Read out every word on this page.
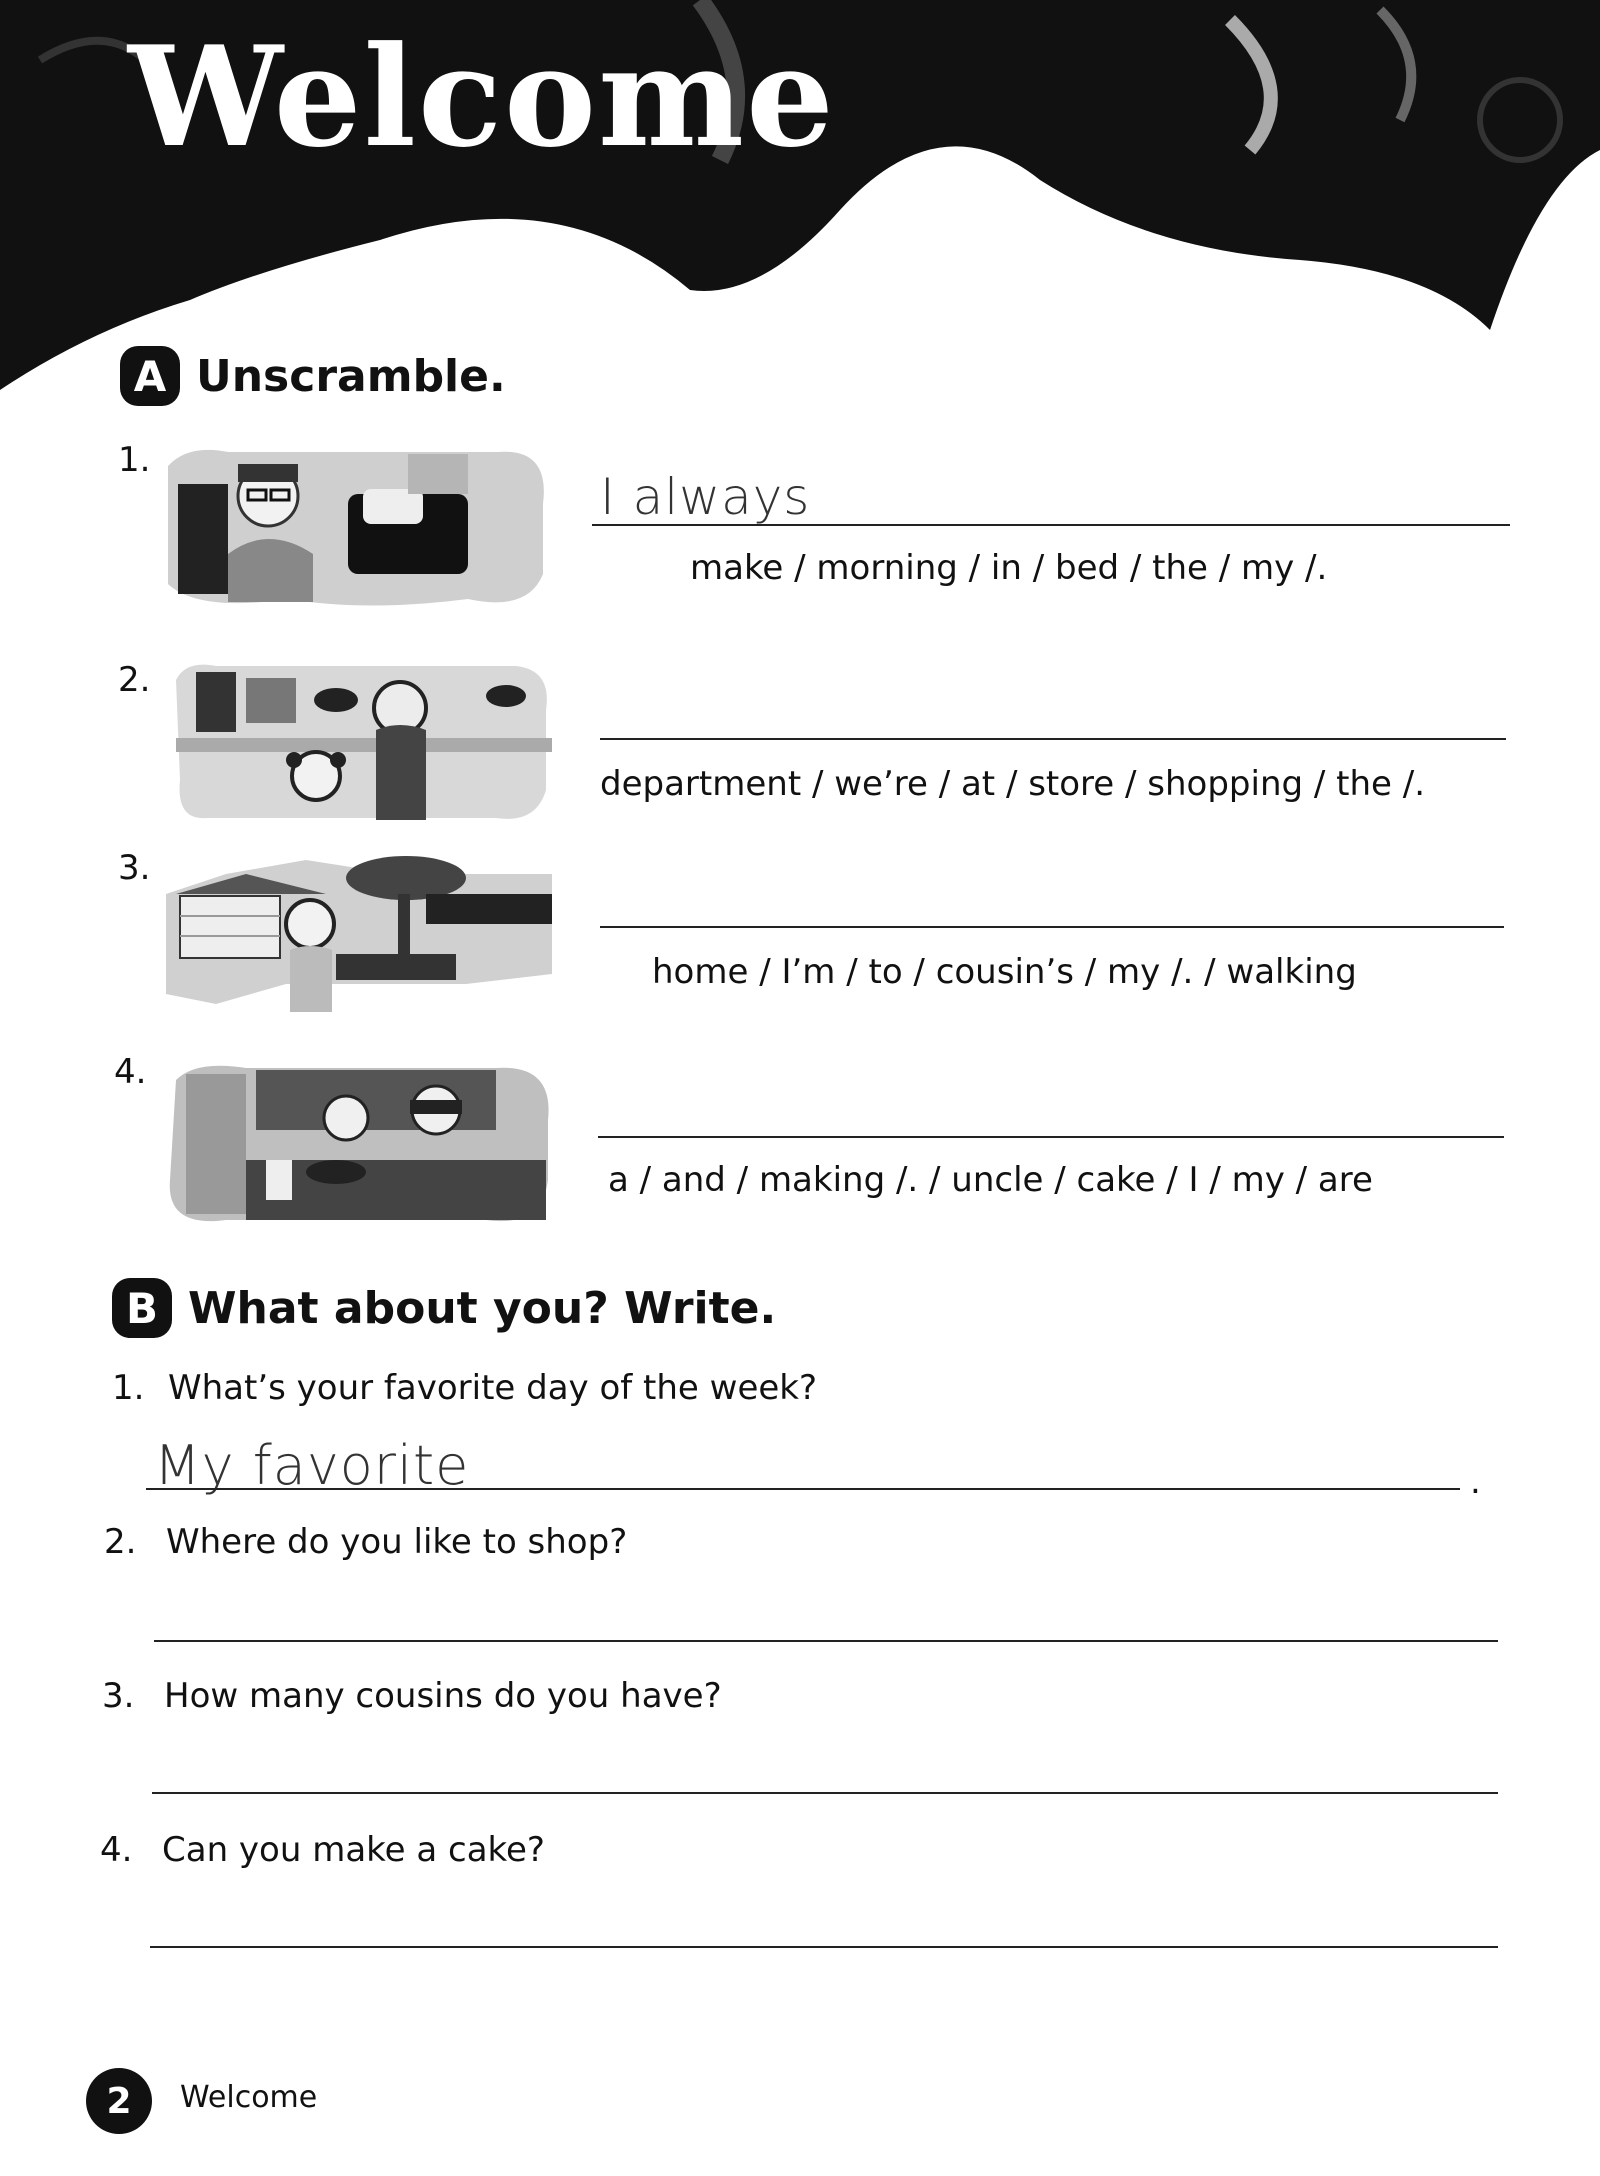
Welcome
A Unscramble.
1.
I always
make / morning / in / bed / the / my /.
2.
department / we’re / at / store / shopping / the /.
3.
home / I’m / to / cousin’s / my /. / walking
4.
a / and / making /. / uncle / cake / I / my / are
B What about you? Write.
1. What’s your favorite day of the week?
My favorite	.
2. Where do you like to shop?
3. How many cousins do you have?
4. Can you make a cake?
2	Welcome
